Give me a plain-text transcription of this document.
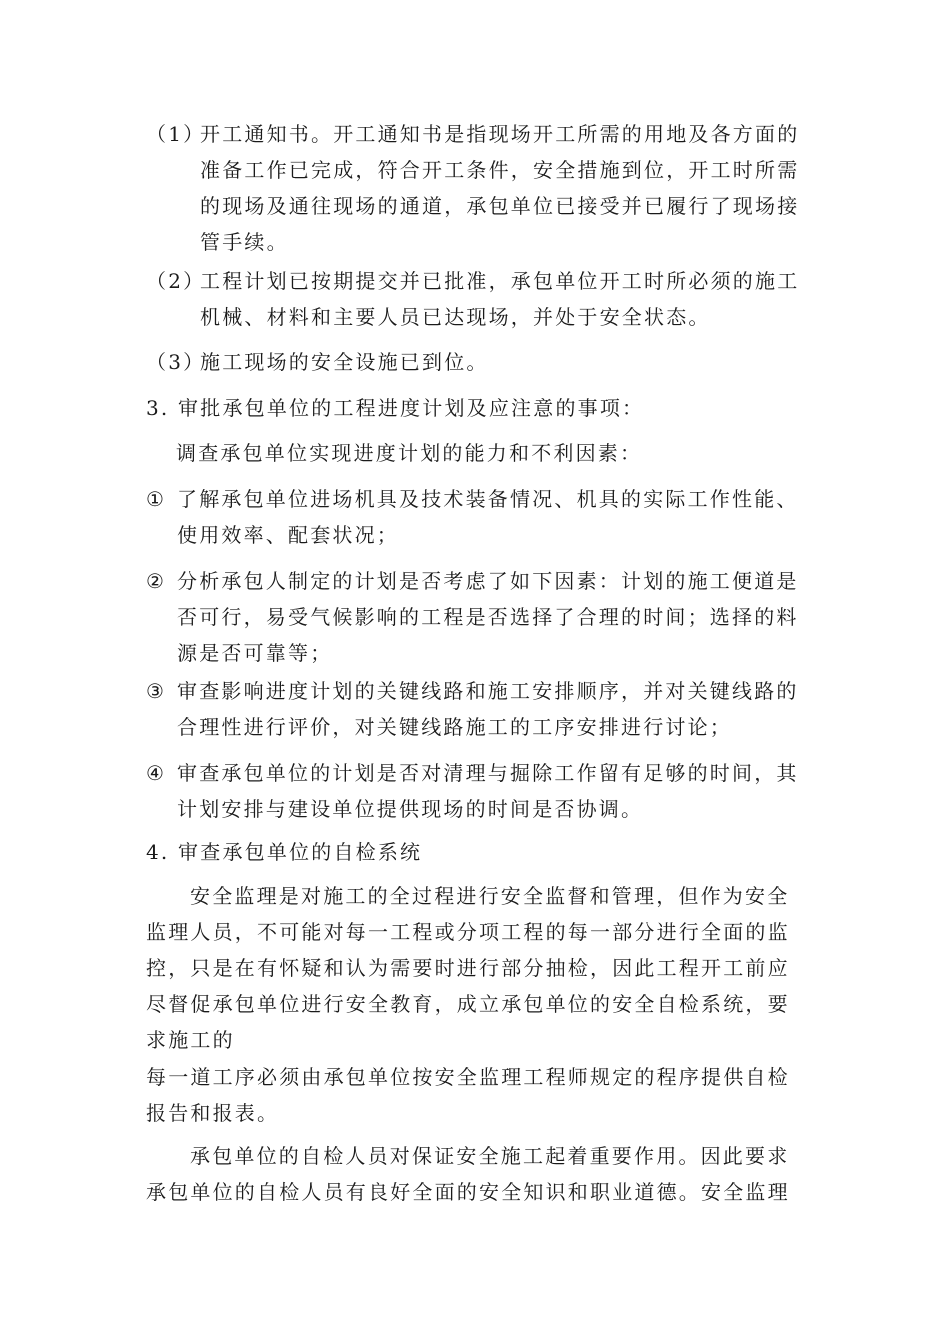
（1）开工通知书。开工通知书是指现场开工所需的用地及各方面的
准备工作已完成，符合开工条件，安全措施到位，开工时所需
的现场及通往现场的通道，承包单位已接受并已履行了现场接
管手续。
（2）工程计划已按期提交并已批准，承包单位开工时所必须的施工
机械、材料和主要人员已达现场，并处于安全状态。
（3）施工现场的安全设施已到位。
3. 审批承包单位的工程进度计划及应注意的事项：
调查承包单位实现进度计划的能力和不利因素：
① 了解承包单位进场机具及技术装备情况、机具的实际工作性能、
使用效率、配套状况；
② 分析承包人制定的计划是否考虑了如下因素：计划的施工便道是
否可行，易受气候影响的工程是否选择了合理的时间；选择的料
源是否可靠等；
③ 审查影响进度计划的关键线路和施工安排顺序，并对关键线路的
合理性进行评价，对关键线路施工的工序安排进行讨论；
④ 审查承包单位的计划是否对清理与掘除工作留有足够的时间，其
计划安排与建设单位提供现场的时间是否协调。
4. 审查承包单位的自检系统
安全监理是对施工的全过程进行安全监督和管理，但作为安全
监理人员，不可能对每一工程或分项工程的每一部分进行全面的监
控，只是在有怀疑和认为需要时进行部分抽检，因此工程开工前应
尽督促承包单位进行安全教育，成立承包单位的安全自检系统，要
求施工的
每一道工序必须由承包单位按安全监理工程师规定的程序提供自检
报告和报表。
承包单位的自检人员对保证安全施工起着重要作用。因此要求
承包单位的自检人员有良好全面的安全知识和职业道德。安全监理
